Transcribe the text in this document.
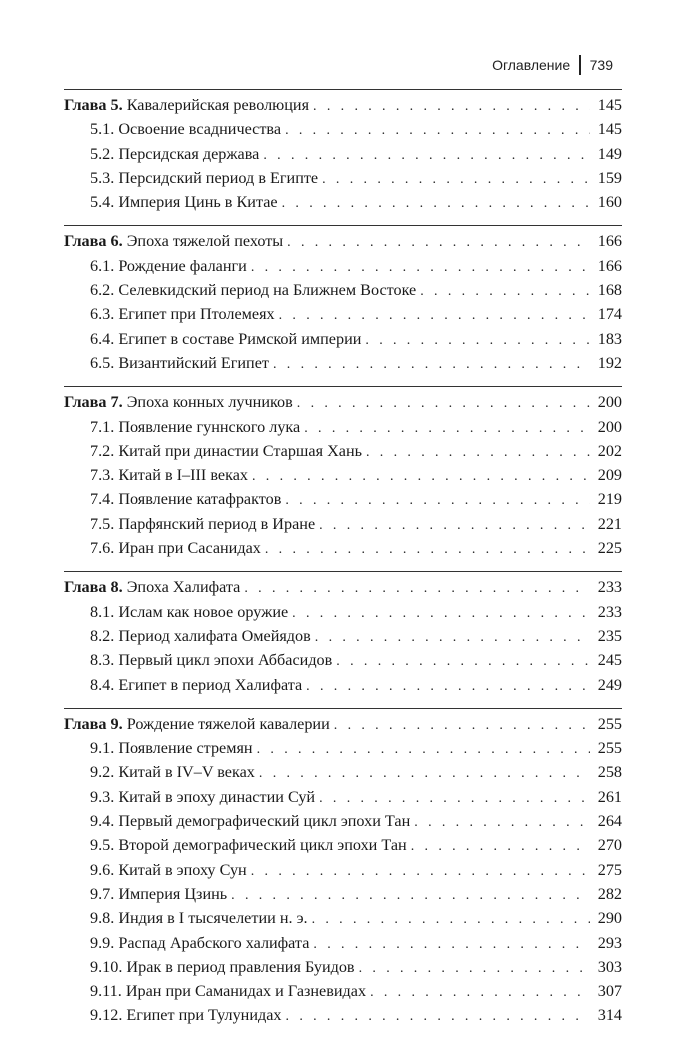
Оглавление 739
Глава 5. Кавалерийская революция . . .	145
5.1. Освоение всадничества . . .	145
5.2. Персидская держава . . .	149
5.3. Персидский период в Египте . . .	159
5.4. Империя Цинь в Китае . . .	160
Глава 6. Эпоха тяжелой пехоты . . .	166
6.1. Рождение фаланги . . .	166
6.2. Селевкидский период на Ближнем Востоке . . .	168
6.3. Египет при Птолемеях . . .	174
6.4. Египет в составе Римской империи . . .	183
6.5. Византийский Египет . . .	192
Глава 7. Эпоха конных лучников . . .	200
7.1. Появление гуннского лука . . .	200
7.2. Китай при династии Старшая Хань . . .	202
7.3. Китай в I–III веках . . .	209
7.4. Появление катафрактов . . .	219
7.5. Парфянский период в Иране . . .	221
7.6. Иран при Сасанидах . . .	225
Глава 8. Эпоха Халифата . . .	233
8.1. Ислам как новое оружие . . .	233
8.2. Период халифата Омейядов . . .	235
8.3. Первый цикл эпохи Аббасидов . . .	245
8.4. Египет в период Халифата . . .	249
Глава 9. Рождение тяжелой кавалерии . . .	255
9.1. Появление стремян . . .	255
9.2. Китай в IV–V веках . . .	258
9.3. Китай в эпоху династии Суй . . .	261
9.4. Первый демографический цикл эпохи Тан . . .	264
9.5. Второй демографический цикл эпохи Тан . . .	270
9.6. Китай в эпоху Сун . . .	275
9.7. Империя Цзинь . . .	282
9.8. Индия в I тысячелетии н. э. . . .	290
9.9. Распад Арабского халифата . . .	293
9.10. Ирак в период правления Буидов . . .	303
9.11. Иран при Саманидах и Газневидах . . .	307
9.12. Египет при Тулунидах . . .	314
